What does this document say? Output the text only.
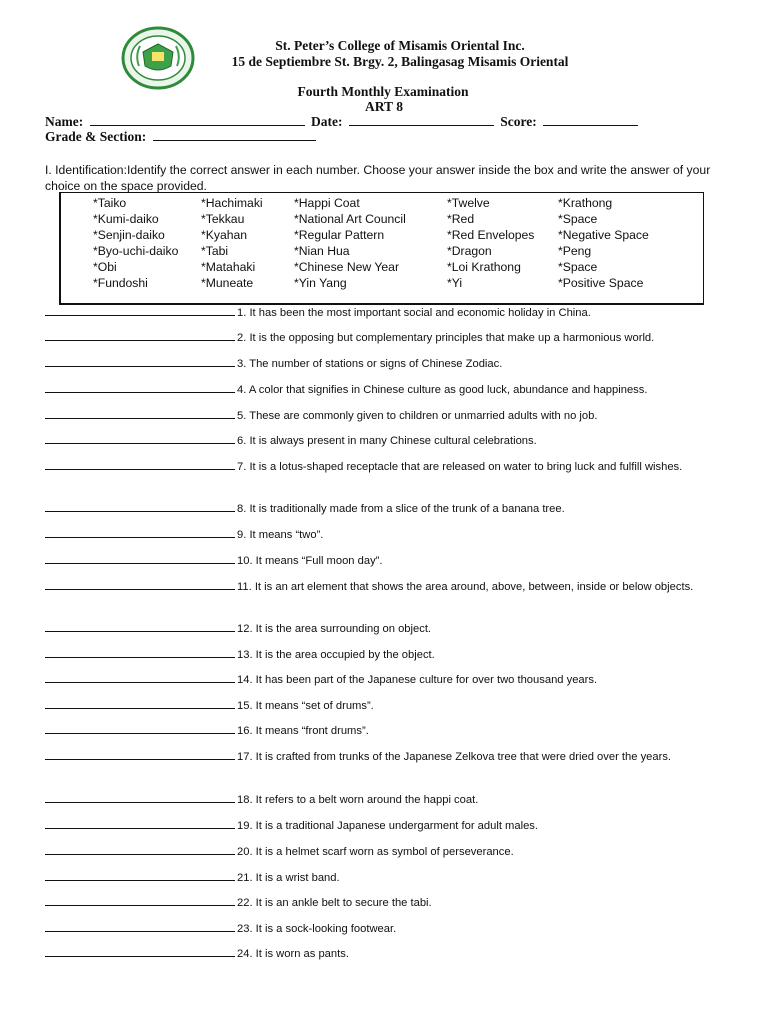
St. Peter’s College of Misamis Oriental Inc.
15 de Septiembre St. Brgy. 2, Balingasag Misamis Oriental
Fourth Monthly Examination
ART 8
Name:	Date:	Score:
Grade & Section:
I. Identification:Identify the correct answer in each number. Choose your answer inside the box and write the answer of your choice on the space provided.
*Taiko	*Hachimaki	*Happi Coat	*Twelve	*Krathong
*Kumi-daiko	*Tekkau	*National Art Council	*Red	*Space
*Senjin-daiko	*Kyahan	*Regular Pattern	*Red Envelopes *Negative Space
*Byo-uchi-daiko *Tabi	*Nian Hua	*Dragon	*Peng
*Obi	*Matahaki	*Chinese New Year	*Loi Krathong	*Space
*Fundoshi	*Muneate	*Yin Yang	*Yi	*Positive Space
1. It has been the most important social and economic holiday in China.
2. It is the opposing but complementary principles that make up a harmonious world.
3. The number of stations or signs of Chinese Zodiac.
4. A color that signifies in Chinese culture as good luck, abundance and happiness.
5. These are commonly given to children or unmarried adults with no job.
6. It is always present in many Chinese cultural celebrations.
7. It is a lotus-shaped receptacle that are released on water to bring luck and fulfill wishes.
8. It is traditionally made from a slice of the trunk of a banana tree.
9. It means “two”.
10. It means “Full moon day”.
11. It is an art element that shows the area around, above, between, inside or below objects.
12. It is the area surrounding on object.
13. It is the area occupied by the object.
14. It has been part of the Japanese culture for over two thousand years.
15. It means “set of drums”.
16. It means “front drums”.
17. It is crafted from trunks of the Japanese Zelkova tree that were dried over the years.
18. It refers to a belt worn around the happi coat.
19. It is a traditional Japanese undergarment for adult males.
20. It is a helmet scarf worn as symbol of perseverance.
21. It is a wrist band.
22. It is an ankle belt to secure the tabi.
23. It is a sock-looking footwear.
24. It is worn as pants.
